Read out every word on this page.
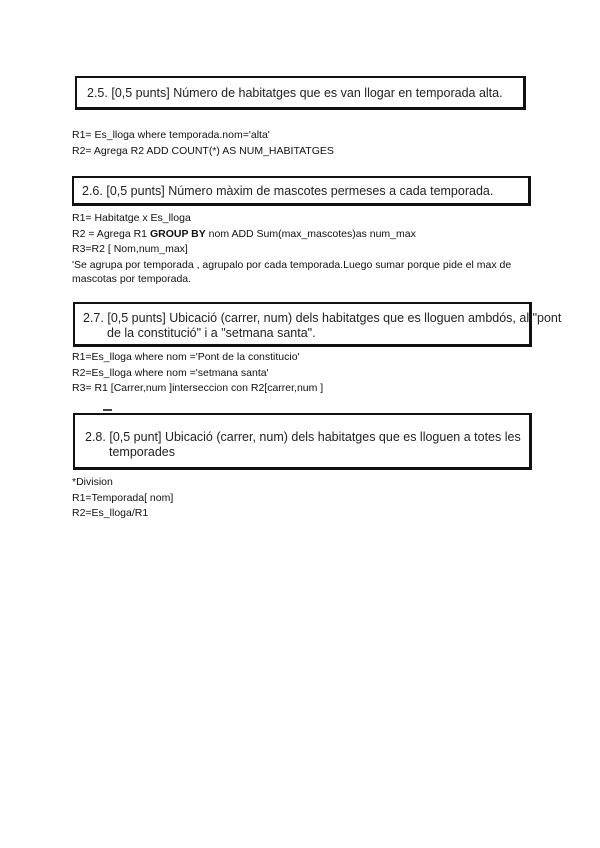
2.5. [0,5 punts] Número de habitatges que es van llogar en temporada alta.
R1= Es_lloga where temporada.nom='alta'
R2= Agrega R2 ADD COUNT(*) AS NUM_HABITATGES
2.6. [0,5 punts] Número màxim de mascotes permeses a cada temporada.
R1= Habitatge x Es_lloga
R2 = Agrega R1 GROUP BY nom ADD Sum(max_mascotes)as num_max
R3=R2 [ Nom,num_max]
'Se agrupa por temporada , agrupalo por cada temporada.Luego sumar porque pide el max de mascotas por temporada.
2.7. [0,5 punts] Ubicació (carrer, num) dels habitatges que es lloguen ambdós, al "pont
de la constitució" i a "setmana santa".
R1=Es_lloga where nom ='Pont de la constitucio'
R2=Es_lloga where nom ='setmana santa'
R3= R1 [Carrer,num ]interseccion con R2[carrer,num ]
2.8. [0,5 punt] Ubicació (carrer, num) dels habitatges que es lloguen a totes les
temporades
*Division
R1=Temporada[ nom]
R2=Es_lloga/R1
